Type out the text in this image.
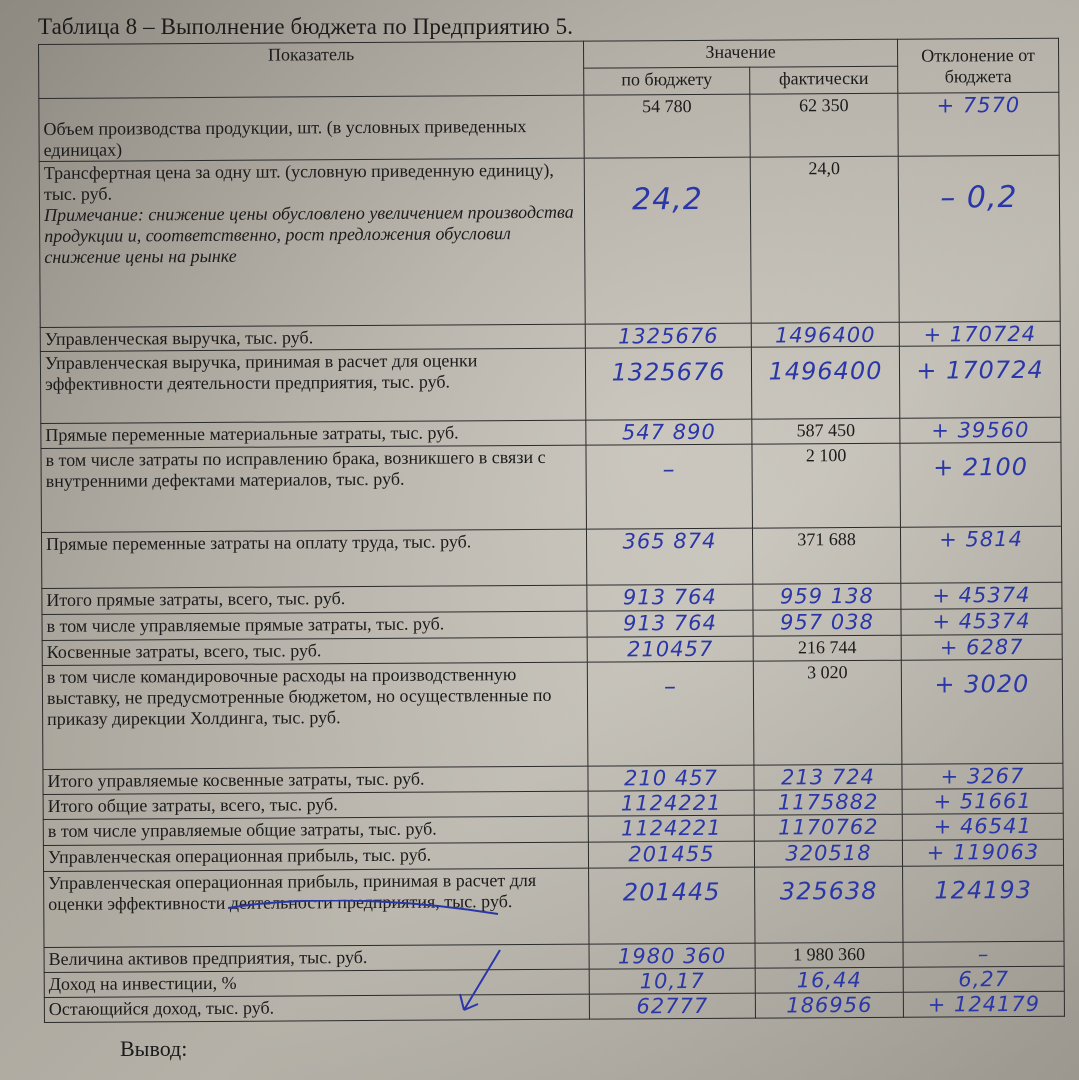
Таблица 8 – Выполнение бюджета по Предприятию 5.
Показатель	Значение		Отклонение от бюджета
	по бюджету	фактически	
Объем производства продукции, шт. (в условных приведенных единицах)	54 780	62 350	+ 7570

Трансфертная цена за одну шт. (условную приведенную единицу), тыс. руб.
Примечание: снижение цены обусловлено увеличением производства продукции и, соответственно, рост предложения обусловил снижение цены на рынке	24,2	24,0	– 0,2

Управленческая выручка, тыс. руб.	1325676	1496400	+ 170724

Управленческая выручка, принимая в расчет для оценки эффективности деятельности предприятия, тыс. руб.	1325676	1496400	+ 170724

Прямые переменные материальные затраты, тыс. руб.	547 890	587 450	+ 39560

в том числе затраты по исправлению брака, возникшего в связи с внутренними дефектами материалов, тыс. руб.	–	2 100	+ 2100

Прямые переменные затраты на оплату труда, тыс. руб.	365 874	371 688	+ 5814

Итого прямые затраты, всего, тыс. руб.	913 764	959 138	+ 45374

в том числе управляемые прямые затраты, тыс. руб.	913 764	957 038	+ 45374

Косвенные затраты, всего, тыс. руб.	210457	216 744	+ 6287

в том числе командировочные расходы на производственную выставку, не предусмотренные бюджетом, но осуществленные по приказу дирекции Холдинга, тыс. руб.	–	3 020	+ 3020

Итого управляемые косвенные затраты, тыс. руб.	210 457	213 724	+ 3267

Итого общие затраты, всего, тыс. руб.	1124221	1175882	+ 51661

в том числе управляемые общие затраты, тыс. руб.	1124221	1170762	+ 46541

Управленческая операционная прибыль, тыс. руб.	201455	320518	+ 119063

Управленческая операционная прибыль, принимая в расчет для оценки эффективности деятельности предприятия, тыс. руб.	201445	325638	124193

Величина активов предприятия, тыс. руб.	1980 360	1 980 360	–

Доход на инвестиции, %	10,17	16,44	6,27

Остающийся доход, тыс. руб.	62777	186956	+ 124179
Вывод:
